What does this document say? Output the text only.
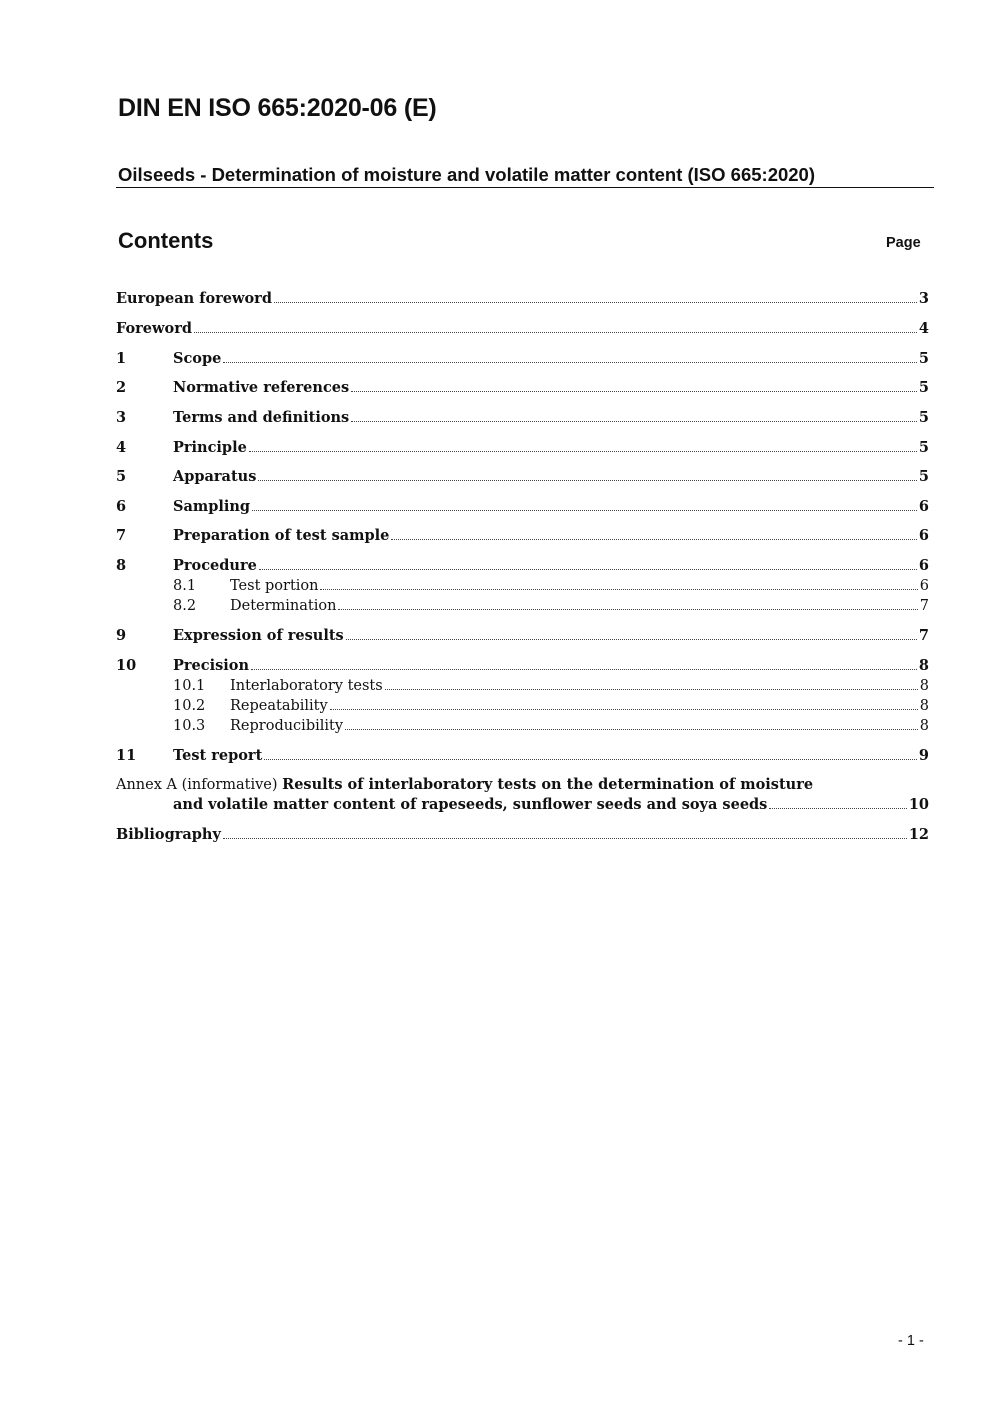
DIN EN ISO 665:2020-06 (E)
Oilseeds - Determination of moisture and volatile matter content (ISO 665:2020)
Contents	Page
European foreword	3
Foreword	4
1	Scope	5
2	Normative references	5
3	Terms and definitions	5
4	Principle	5
5	Apparatus	5
6	Sampling	6
7	Preparation of test sample	6
8	Procedure	6
8.1	Test portion	6
8.2	Determination	7
9	Expression of results	7
10	Precision	8
10.1	Interlaboratory tests	8
10.2	Repeatability	8
10.3	Reproducibility	8
11	Test report	9
Annex A (informative)
Results of interlaboratory tests on the determination of moisture
and volatile matter content of rapeseeds, sunflower seeds and soya seeds	10
Bibliography	12
- 1 -
